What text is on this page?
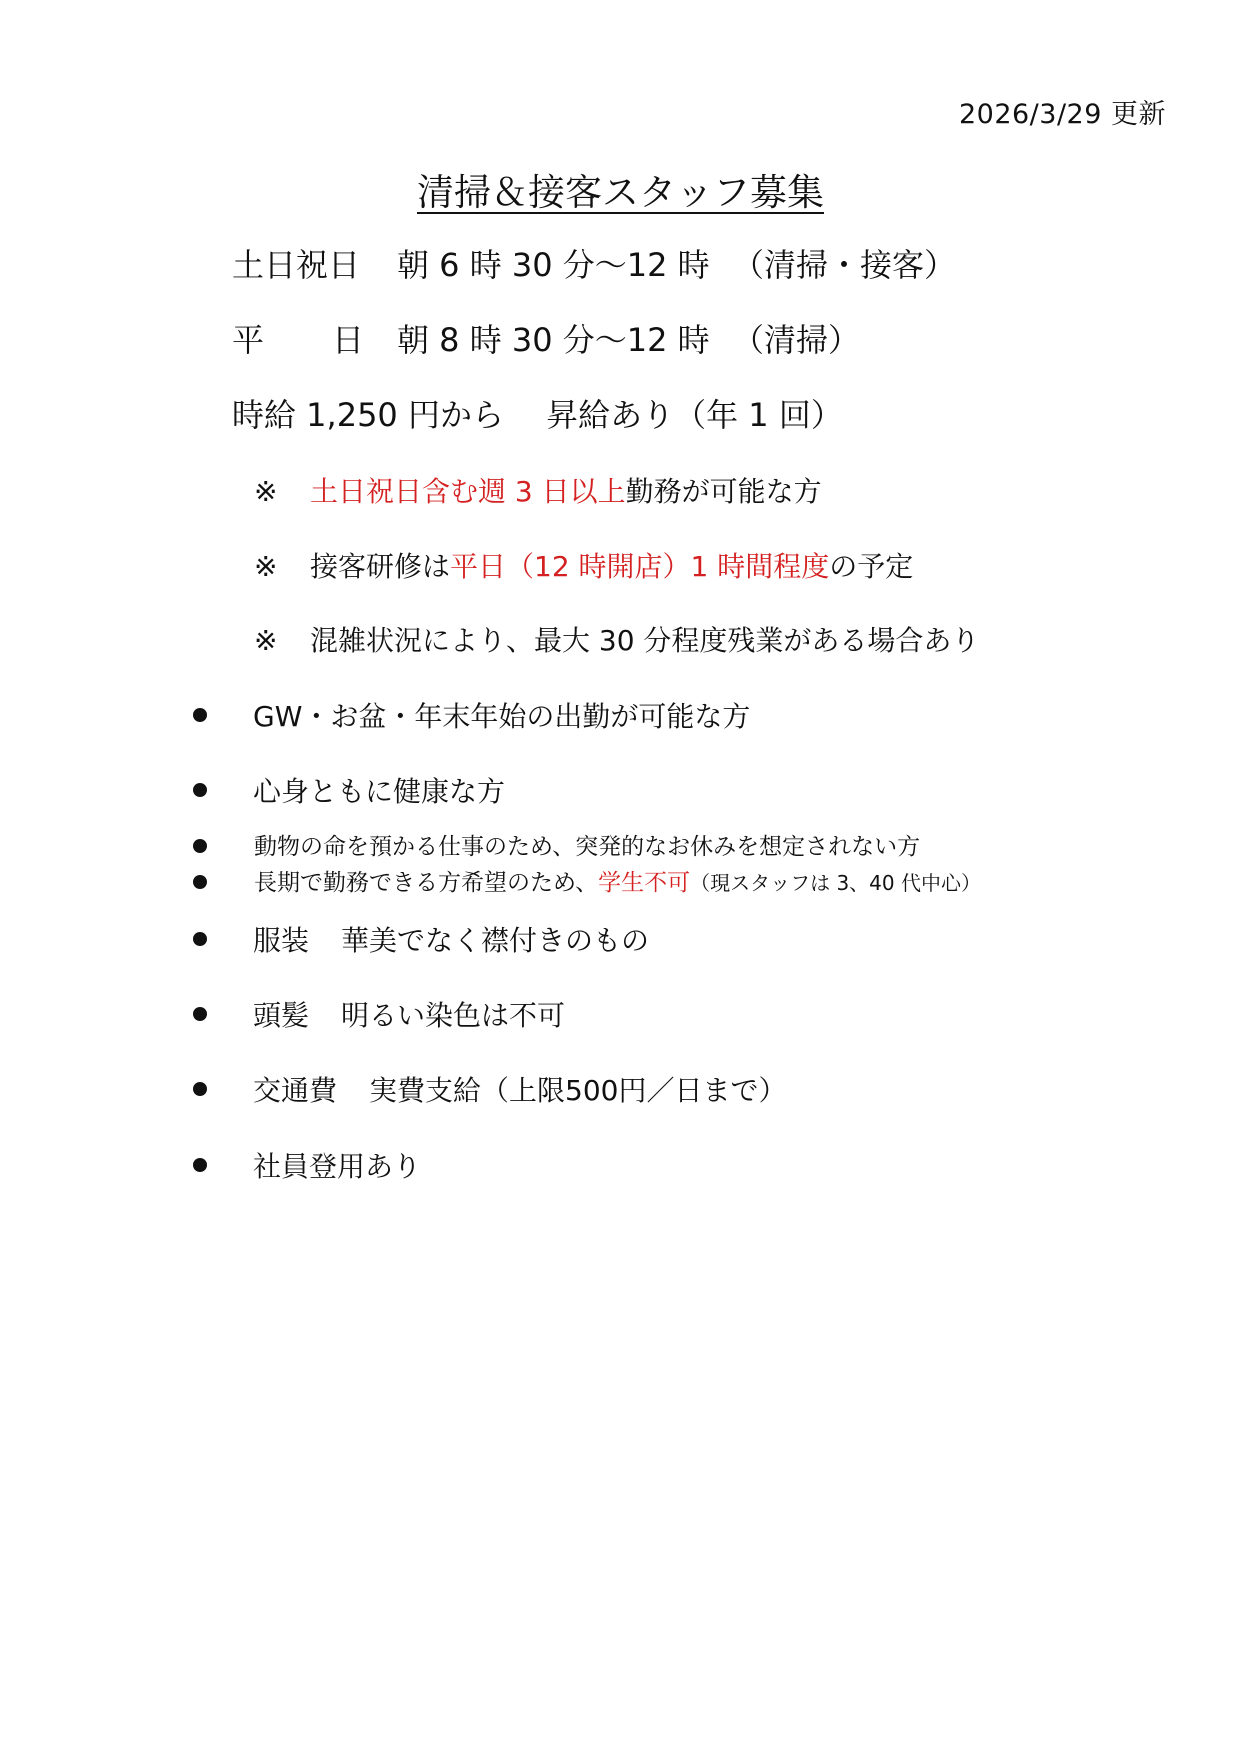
2026/3/29 更新
清掃＆接客スタッフ募集
土日祝日 朝 6 時 30 分～12 時 （清掃・接客）
平 日 朝 8 時 30 分～12 時 （清掃）
時給 1,250 円から　 昇給あり（年 1 回）
※ 土日祝日含む週 3 日以上勤務が可能な方
※ 接客研修は平日（12 時開店）1 時間程度の予定
※ 混雑状況により、最大 30 分程度残業がある場合あり
GW・お盆・年末年始の出勤が可能な方
心身ともに健康な方
動物の命を預かる仕事のため、突発的なお休みを想定されない方
長期で勤務できる方希望のため、学生不可（現スタッフは 3、40 代中心）
服装 華美でなく襟付きのもの
頭髪 明るい染色は不可
交通費 実費支給（上限500円／日まで）
社員登用あり
